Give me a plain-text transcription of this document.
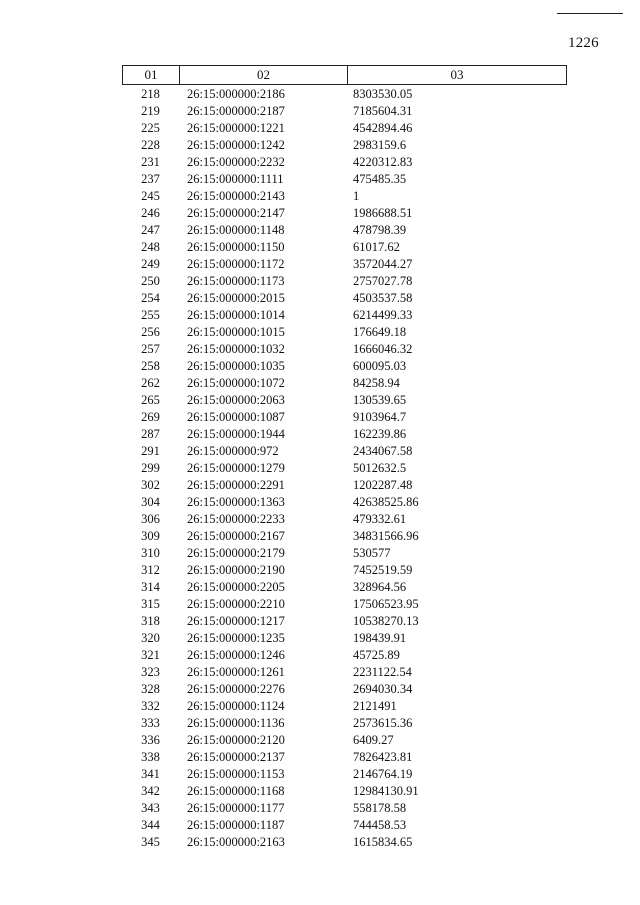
1226
01	02	03
218	26:15:000000:2186	8303530.05
219	26:15:000000:2187	7185604.31
225	26:15:000000:1221	4542894.46
228	26:15:000000:1242	2983159.6
231	26:15:000000:2232	4220312.83
237	26:15:000000:1111	475485.35
245	26:15:000000:2143	1
246	26:15:000000:2147	1986688.51
247	26:15:000000:1148	478798.39
248	26:15:000000:1150	61017.62
249	26:15:000000:1172	3572044.27
250	26:15:000000:1173	2757027.78
254	26:15:000000:2015	4503537.58
255	26:15:000000:1014	6214499.33
256	26:15:000000:1015	176649.18
257	26:15:000000:1032	1666046.32
258	26:15:000000:1035	600095.03
262	26:15:000000:1072	84258.94
265	26:15:000000:2063	130539.65
269	26:15:000000:1087	9103964.7
287	26:15:000000:1944	162239.86
291	26:15:000000:972	2434067.58
299	26:15:000000:1279	5012632.5
302	26:15:000000:2291	1202287.48
304	26:15:000000:1363	42638525.86
306	26:15:000000:2233	479332.61
309	26:15:000000:2167	34831566.96
310	26:15:000000:2179	530577
312	26:15:000000:2190	7452519.59
314	26:15:000000:2205	328964.56
315	26:15:000000:2210	17506523.95
318	26:15:000000:1217	10538270.13
320	26:15:000000:1235	198439.91
321	26:15:000000:1246	45725.89
323	26:15:000000:1261	2231122.54
328	26:15:000000:2276	2694030.34
332	26:15:000000:1124	2121491
333	26:15:000000:1136	2573615.36
336	26:15:000000:2120	6409.27
338	26:15:000000:2137	7826423.81
341	26:15:000000:1153	2146764.19
342	26:15:000000:1168	12984130.91
343	26:15:000000:1177	558178.58
344	26:15:000000:1187	744458.53
345	26:15:000000:2163	1615834.65
